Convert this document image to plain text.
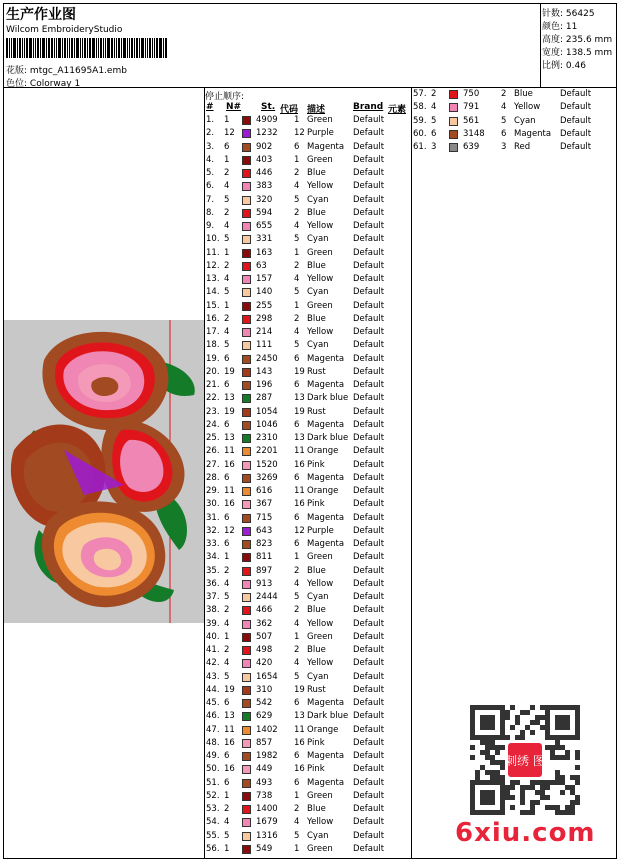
生产作业图
Wilcom EmbroideryStudio
花版: mtgc_A11695A1.emb
色位: Colorway 1
针数: 56425
颜色: 11
高度: 235.6 mm
宽度: 138.5 mm
比例: 0.46
停止顺序:
# N# St. 代码 描述	Brand 元素
1. 1	4909 1 Green Default
2. 12 1232 12 Purple Default
3. 6	902	6 Magenta Default
4. 1	403	1 Green Default
5. 2	446	2 Blue	Default
6. 4	383	4 Yellow Default
7. 5	320	5 Cyan	Default
8. 2	594	2 Blue	Default
9. 4	655	4 Yellow Default
10. 5	331	5 Cyan	Default
11. 1	163	1 Green Default
12. 2	63	2 Blue	Default
13. 4	157	4 Yellow Default
14. 5	140	5 Cyan	Default
15. 1	255	1 Green Default
16. 2	298	2 Blue	Default
17. 4	214	4 Yellow Default
18. 5	111	5 Cyan	Default
19. 6	2450 6 Magenta Default
20. 19 143	19 Rust	Default
21. 6	196	6 Magenta Default
22. 13 287	13 Dark blue Default
23. 19 1054 19 Rust	Default
24. 6	1046 6 Magenta Default
25. 13 2310 13 Dark blue Default
26. 11 2201 11 Orange Default
27. 16 1520 16 Pink	Default
28. 6	3269 6 Magenta Default
29. 11 616	11 Orange Default
30. 16 367	16 Pink	Default
31. 6	715	6 Magenta Default
32. 12 643	12 Purple Default
33. 6	823	6 Magenta Default
34. 1	811	1 Green Default
35. 2	897	2 Blue	Default
36. 4	913	4 Yellow Default
37. 5	2444 5 Cyan	Default
38. 2	466	2 Blue	Default
39. 4	362	4 Yellow Default
40. 1	507	1 Green Default
41. 2	498	2 Blue	Default
42. 4	420	4 Yellow Default
43. 5	1654 5 Cyan	Default
44. 19 310	19 Rust	Default
45. 6	542	6 Magenta Default
46. 13 629	13 Dark blue Default
47. 11 1402 11 Orange Default
48. 16 857	16 Pink	Default
49. 6	1982 6 Magenta Default
50. 16 449	16 Pink	Default
51. 6	493	6 Magenta Default
52. 1	738	1 Green Default
53. 2	1400 2 Blue	Default
54. 4	1679 4 Yellow Default
55. 5	1316 5 Cyan	Default
56. 1	549	1 Green Default
57. 2	750	2 Blue	Default
58. 4	791	4 Yellow Default
59. 5	561	5 Cyan	Default
60. 6	3148 6 Magenta Default
61. 3	639	3 Red	Default
刺绣 图
6xiu.com
